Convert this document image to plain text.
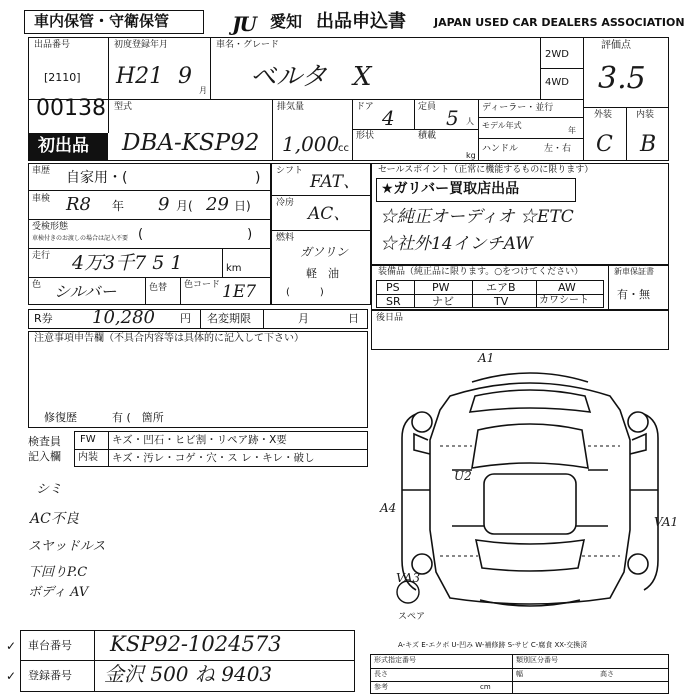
車内保管・守衛保管	JU 愛知 出品申込書	JAPAN USED CAR DEALERS ASSOCIATION
出品番号
[2110]
00138
初出品
初度登録年月
H21 9
月
車名・グレード
ベルタ　X
2WD
4WD
評価点
3.5
型式
DBA-KSP92
排気量
1,000
cc
ドア 4	定員 5 人
形状	積載
kg
ディーラー・並行
モデル年式
年
ハンドル	左・右
外装	内装
C B
車歴 自家用・(	)
車検 R8 年 9 月( 29 日)
受検形態
車検付きのお渡しの場合は記入不要 (　　　　　　　　)
走行 4万3千7 5 1	km
色 シルバー	色替 色コード 1E7
シフト
FAT、
冷房
AC、
燃料
ガソリン
軽　油
(　　　)
セールスポイント（正常に機能するものに限ります）
★ガリバー買取店出品
☆純正オーディオ ☆ETC
☆社外14インチAW
装備品（純正品に限ります。○をつけてください）
PS	PW	エアB	AW
SR	ナビ	TV	カワシート
新車保証書
有・無
R券 10,280 円 名変期限	月	日
注意事項申告欄（不具合内容等は具体的に記入して下さい）
修復歴	有 (　箇所
後日品
検査員記入欄
FW キズ・凹石・ヒビ割・リペア跡・X要
内装 キズ・汚レ・コゲ・穴・ス レ・キレ・破し
シミ
AC不良
スヤッドルス
下回りP.C
ボディ AV
A1
U2
A4
VA1
VA3
スペア
A-キズ E-エクボ U-凹み W-補修跡 S-サビ C-腐食 XX-交換済
車台番号 KSP92-1024573
登録番号 金沢 500 ね 9403
✓
✓
形式指定番号	類別区分番号
長さ	幅	高さ
参考	cm
